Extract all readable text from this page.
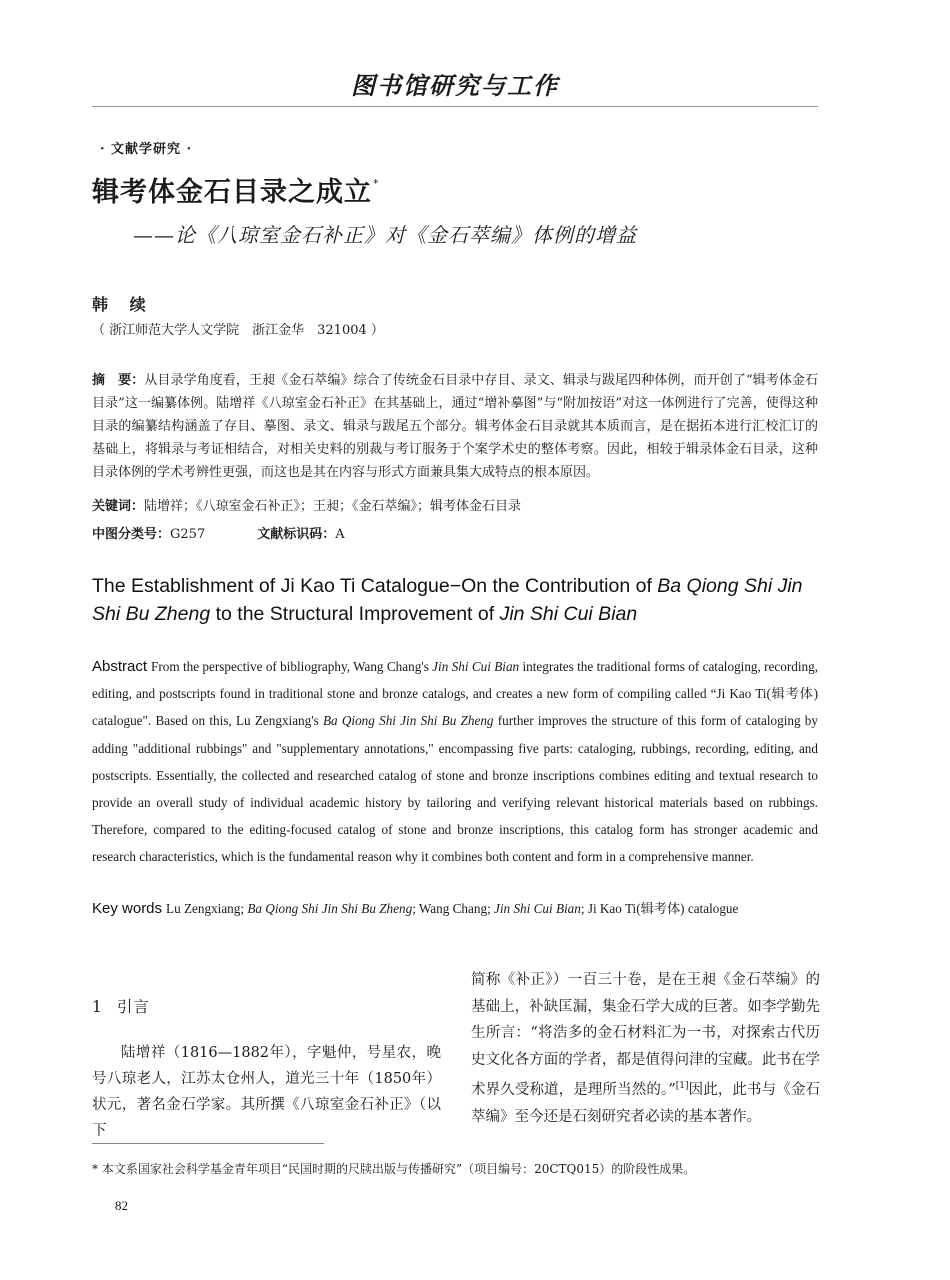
图书馆研究与工作
· 文献学研究 ·
辑考体金石目录之成立*
——论《八琼室金石补正》对《金石萃编》体例的增益
韩 续
（ 浙江师范大学人文学院　浙江金华　321004 ）
摘　要：从目录学角度看，王昶《金石萃编》综合了传统金石目录中存目、录文、辑录与跋尾四种体例，而开创了“辑考体金石目录”这一编纂体例。陆增祥《八琼室金石补正》在其基础上，通过“增补摹图”与“附加按语”对这一体例进行了完善，使得这种目录的编纂结构涵盖了存目、摹图、录文、辑录与跋尾五个部分。辑考体金石目录就其本质而言，是在据拓本进行汇校汇订的基础上，将辑录与考证相结合，对相关史料的别裁与考订服务于个案学术史的整体考察。因此，相较于辑录体金石目录，这种目录体例的学术考辨性更强，而这也是其在内容与形式方面兼具集大成特点的根本原因。
关键词：陆增祥；《八琼室金石补正》；王昶；《金石萃编》；辑考体金石目录
中图分类号：G257	文献标识码：A
The Establishment of Ji Kao Ti Catalogue−On the Contribution of Ba Qiong Shi Jin Shi Bu Zheng to the Structural Improvement of Jin Shi Cui Bian
Abstract From the perspective of bibliography, Wang Chang's Jin Shi Cui Bian integrates the traditional forms of cataloging, recording, editing, and postscripts found in traditional stone and bronze catalogs, and creates a new form of compiling called “Ji Kao Ti(辑考体) catalogue". Based on this, Lu Zengxiang's Ba Qiong Shi Jin Shi Bu Zheng further improves the structure of this form of cataloging by adding "additional rubbings" and "supplementary annotations," encompassing five parts: cataloging, rubbings, recording, editing, and postscripts. Essentially, the collected and researched catalog of stone and bronze inscriptions combines editing and textual research to provide an overall study of individual academic history by tailoring and verifying relevant historical materials based on rubbings. Therefore, compared to the editing-focused catalog of stone and bronze inscriptions, this catalog form has stronger academic and research characteristics, which is the fundamental reason why it combines both content and form in a comprehensive manner.
Key words Lu Zengxiang; Ba Qiong Shi Jin Shi Bu Zheng; Wang Chang; Jin Shi Cui Bian; Ji Kao Ti(辑考体) catalogue
1 引言

陆增祥（1816—1882年），字魁仲，号星农，晚号八琼老人，江苏太仓州人，道光三十年（1850年）状元，著名金石学家。其所撰《八琼室金石补正》（以下

简称《补正》）一百三十卷，是在王昶《金石萃编》的基础上，补缺匡漏，集金石学大成的巨著。如李学勤先生所言：“将浩多的金石材料汇为一书，对探索古代历史文化各方面的学者，都是值得问津的宝藏。此书在学术界久受称道，是理所当然的。”[1]因此，此书与《金石萃编》至今还是石刻研究者必读的基本著作。

* 本文系国家社会科学基金青年项目“民国时期的尺牍出版与传播研究”（项目编号：20CTQ015）的阶段性成果。
82
